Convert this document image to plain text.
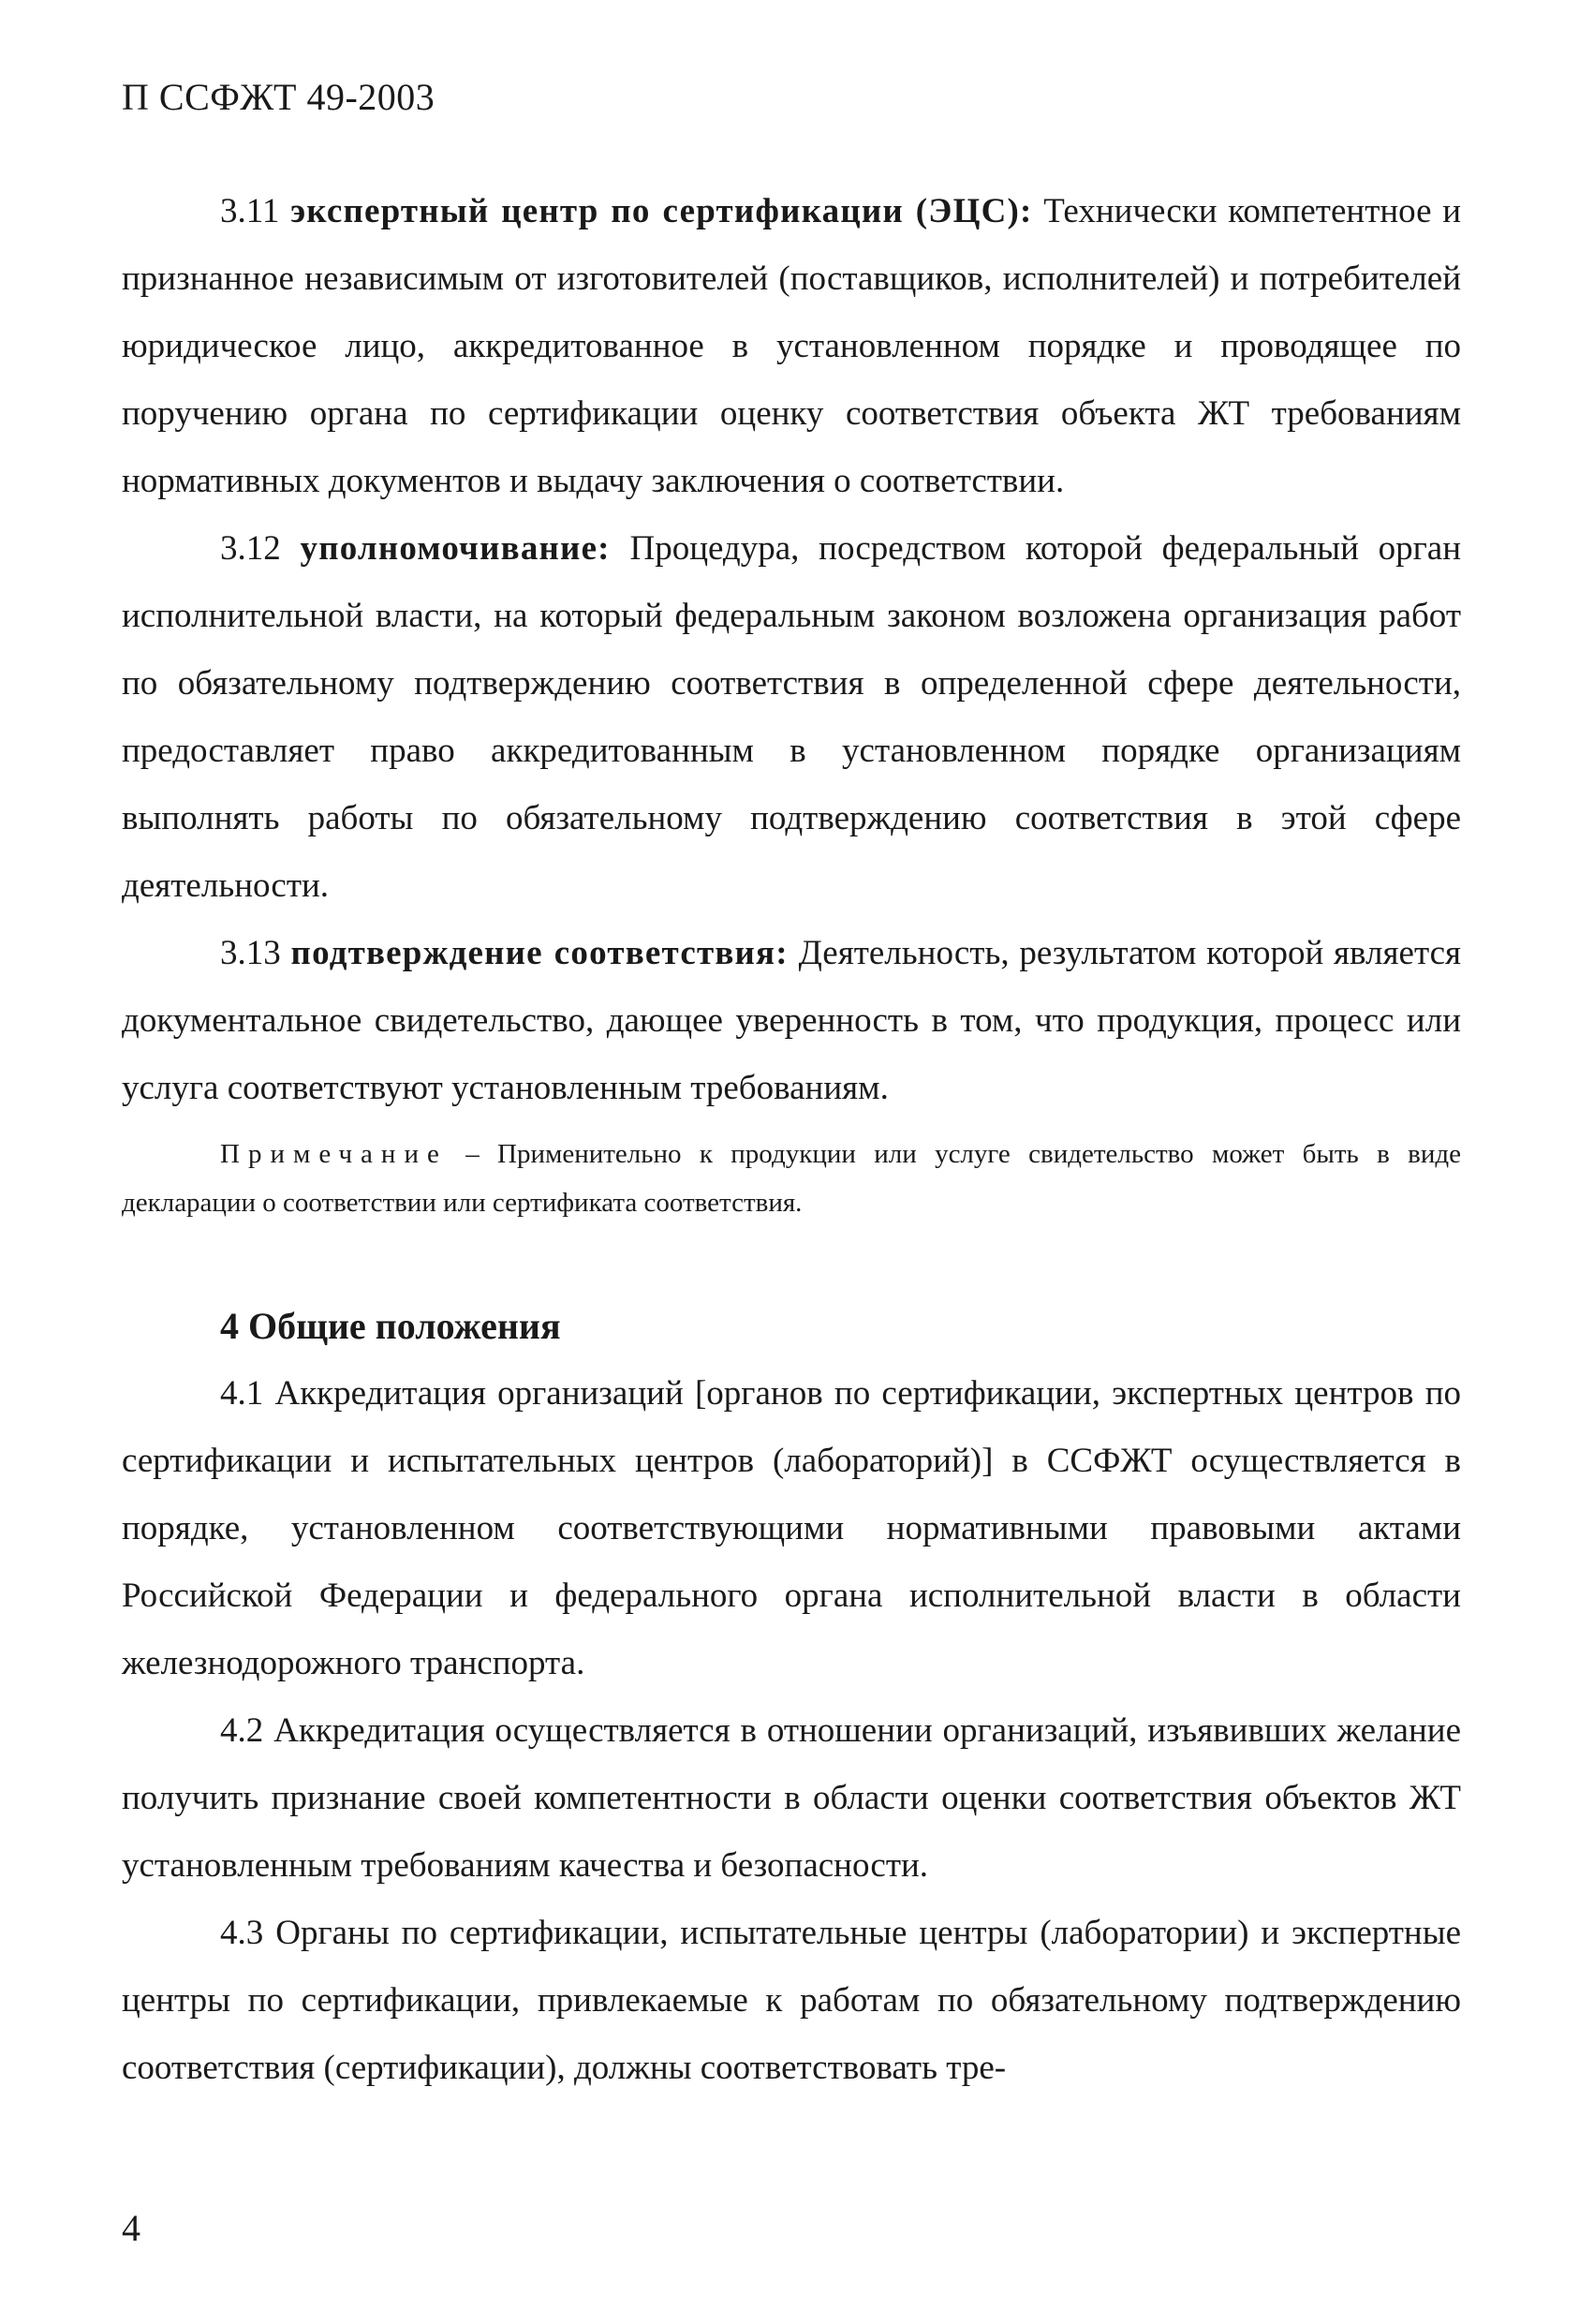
П ССФЖТ 49-2003

3.11 экспертный центр по сертификации (ЭЦС): Технически компетентное и признанное независимым от изготовителей (поставщиков, исполнителей) и потребителей юридическое лицо, аккредитованное в установленном порядке и проводящее по поручению органа по сертификации оценку соответствия объекта ЖТ требованиям нормативных документов и выдачу заключения о соответствии.

3.12 уполномочивание: Процедура, посредством которой федеральный орган исполнительной власти, на который федеральным законом возложена организация работ по обязательному подтверждению соответствия в определенной сфере деятельности, предоставляет право аккредитованным в установленном порядке организациям выполнять работы по обязательному подтверждению соответствия в этой сфере деятельности.

3.13 подтверждение соответствия: Деятельность, результатом которой является документальное свидетельство, дающее уверенность в том, что продукция, процесс или услуга соответствуют установленным требованиям.

Примечание – Применительно к продукции или услуге свидетельство может быть в виде декларации о соответствии или сертификата соответствия.

4 Общие положения

4.1 Аккредитация организаций [органов по сертификации, экспертных центров по сертификации и испытательных центров (лабораторий)] в ССФЖТ осуществляется в порядке, установленном соответствующими нормативными правовыми актами Российской Федерации и федерального органа исполнительной власти в области железнодорожного транспорта.

4.2 Аккредитация осуществляется в отношении организаций, изъявивших желание получить признание своей компетентности в области оценки соответствия объектов ЖТ установленным требованиям качества и безопасности.

4.3 Органы по сертификации, испытательные центры (лаборатории) и экспертные центры по сертификации, привлекаемые к работам по обязательному подтверждению соответствия (сертификации), должны соответствовать тре-

4
